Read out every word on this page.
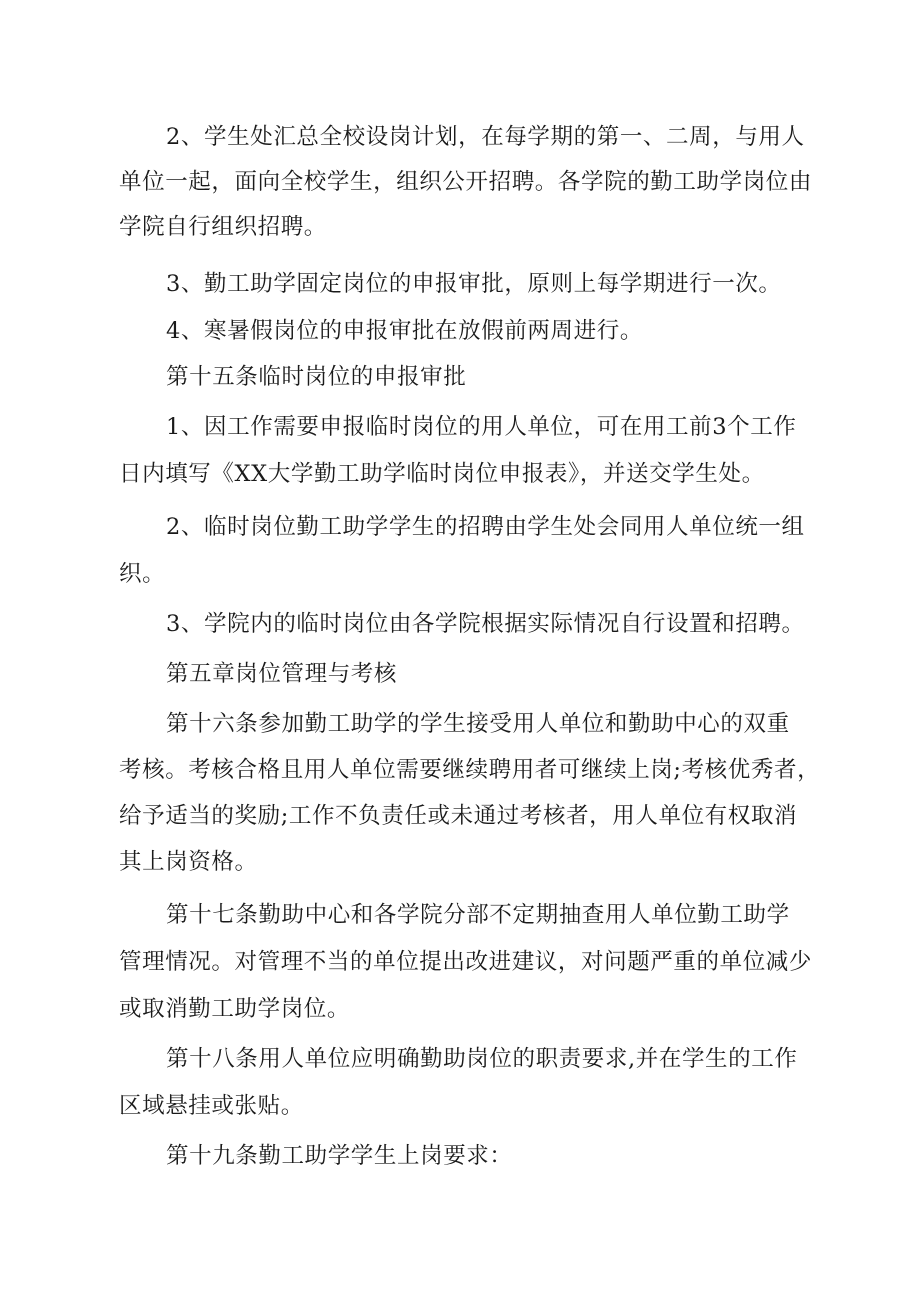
2、学生处汇总全校设岗计划，在每学期的第一、二周，与用人
单位一起，面向全校学生，组织公开招聘。各学院的勤工助学岗位由
学院自行组织招聘。
3、勤工助学固定岗位的申报审批，原则上每学期进行一次。
4、寒暑假岗位的申报审批在放假前两周进行。
第十五条临时岗位的申报审批
1、因工作需要申报临时岗位的用人单位，可在用工前3个工作
日内填写《XX大学勤工助学临时岗位申报表》，并送交学生处。
2、临时岗位勤工助学学生的招聘由学生处会同用人单位统一组
织。
3、学院内的临时岗位由各学院根据实际情况自行设置和招聘。
第五章岗位管理与考核
第十六条参加勤工助学的学生接受用人单位和勤助中心的双重
考核。考核合格且用人单位需要继续聘用者可继续上岗;考核优秀者，
给予适当的奖励;工作不负责任或未通过考核者，用人单位有权取消
其上岗资格。
第十七条勤助中心和各学院分部不定期抽查用人单位勤工助学
管理情况。对管理不当的单位提出改进建议，对问题严重的单位减少
或取消勤工助学岗位。
第十八条用人单位应明确勤助岗位的职责要求,并在学生的工作
区域悬挂或张贴。
第十九条勤工助学学生上岗要求：
